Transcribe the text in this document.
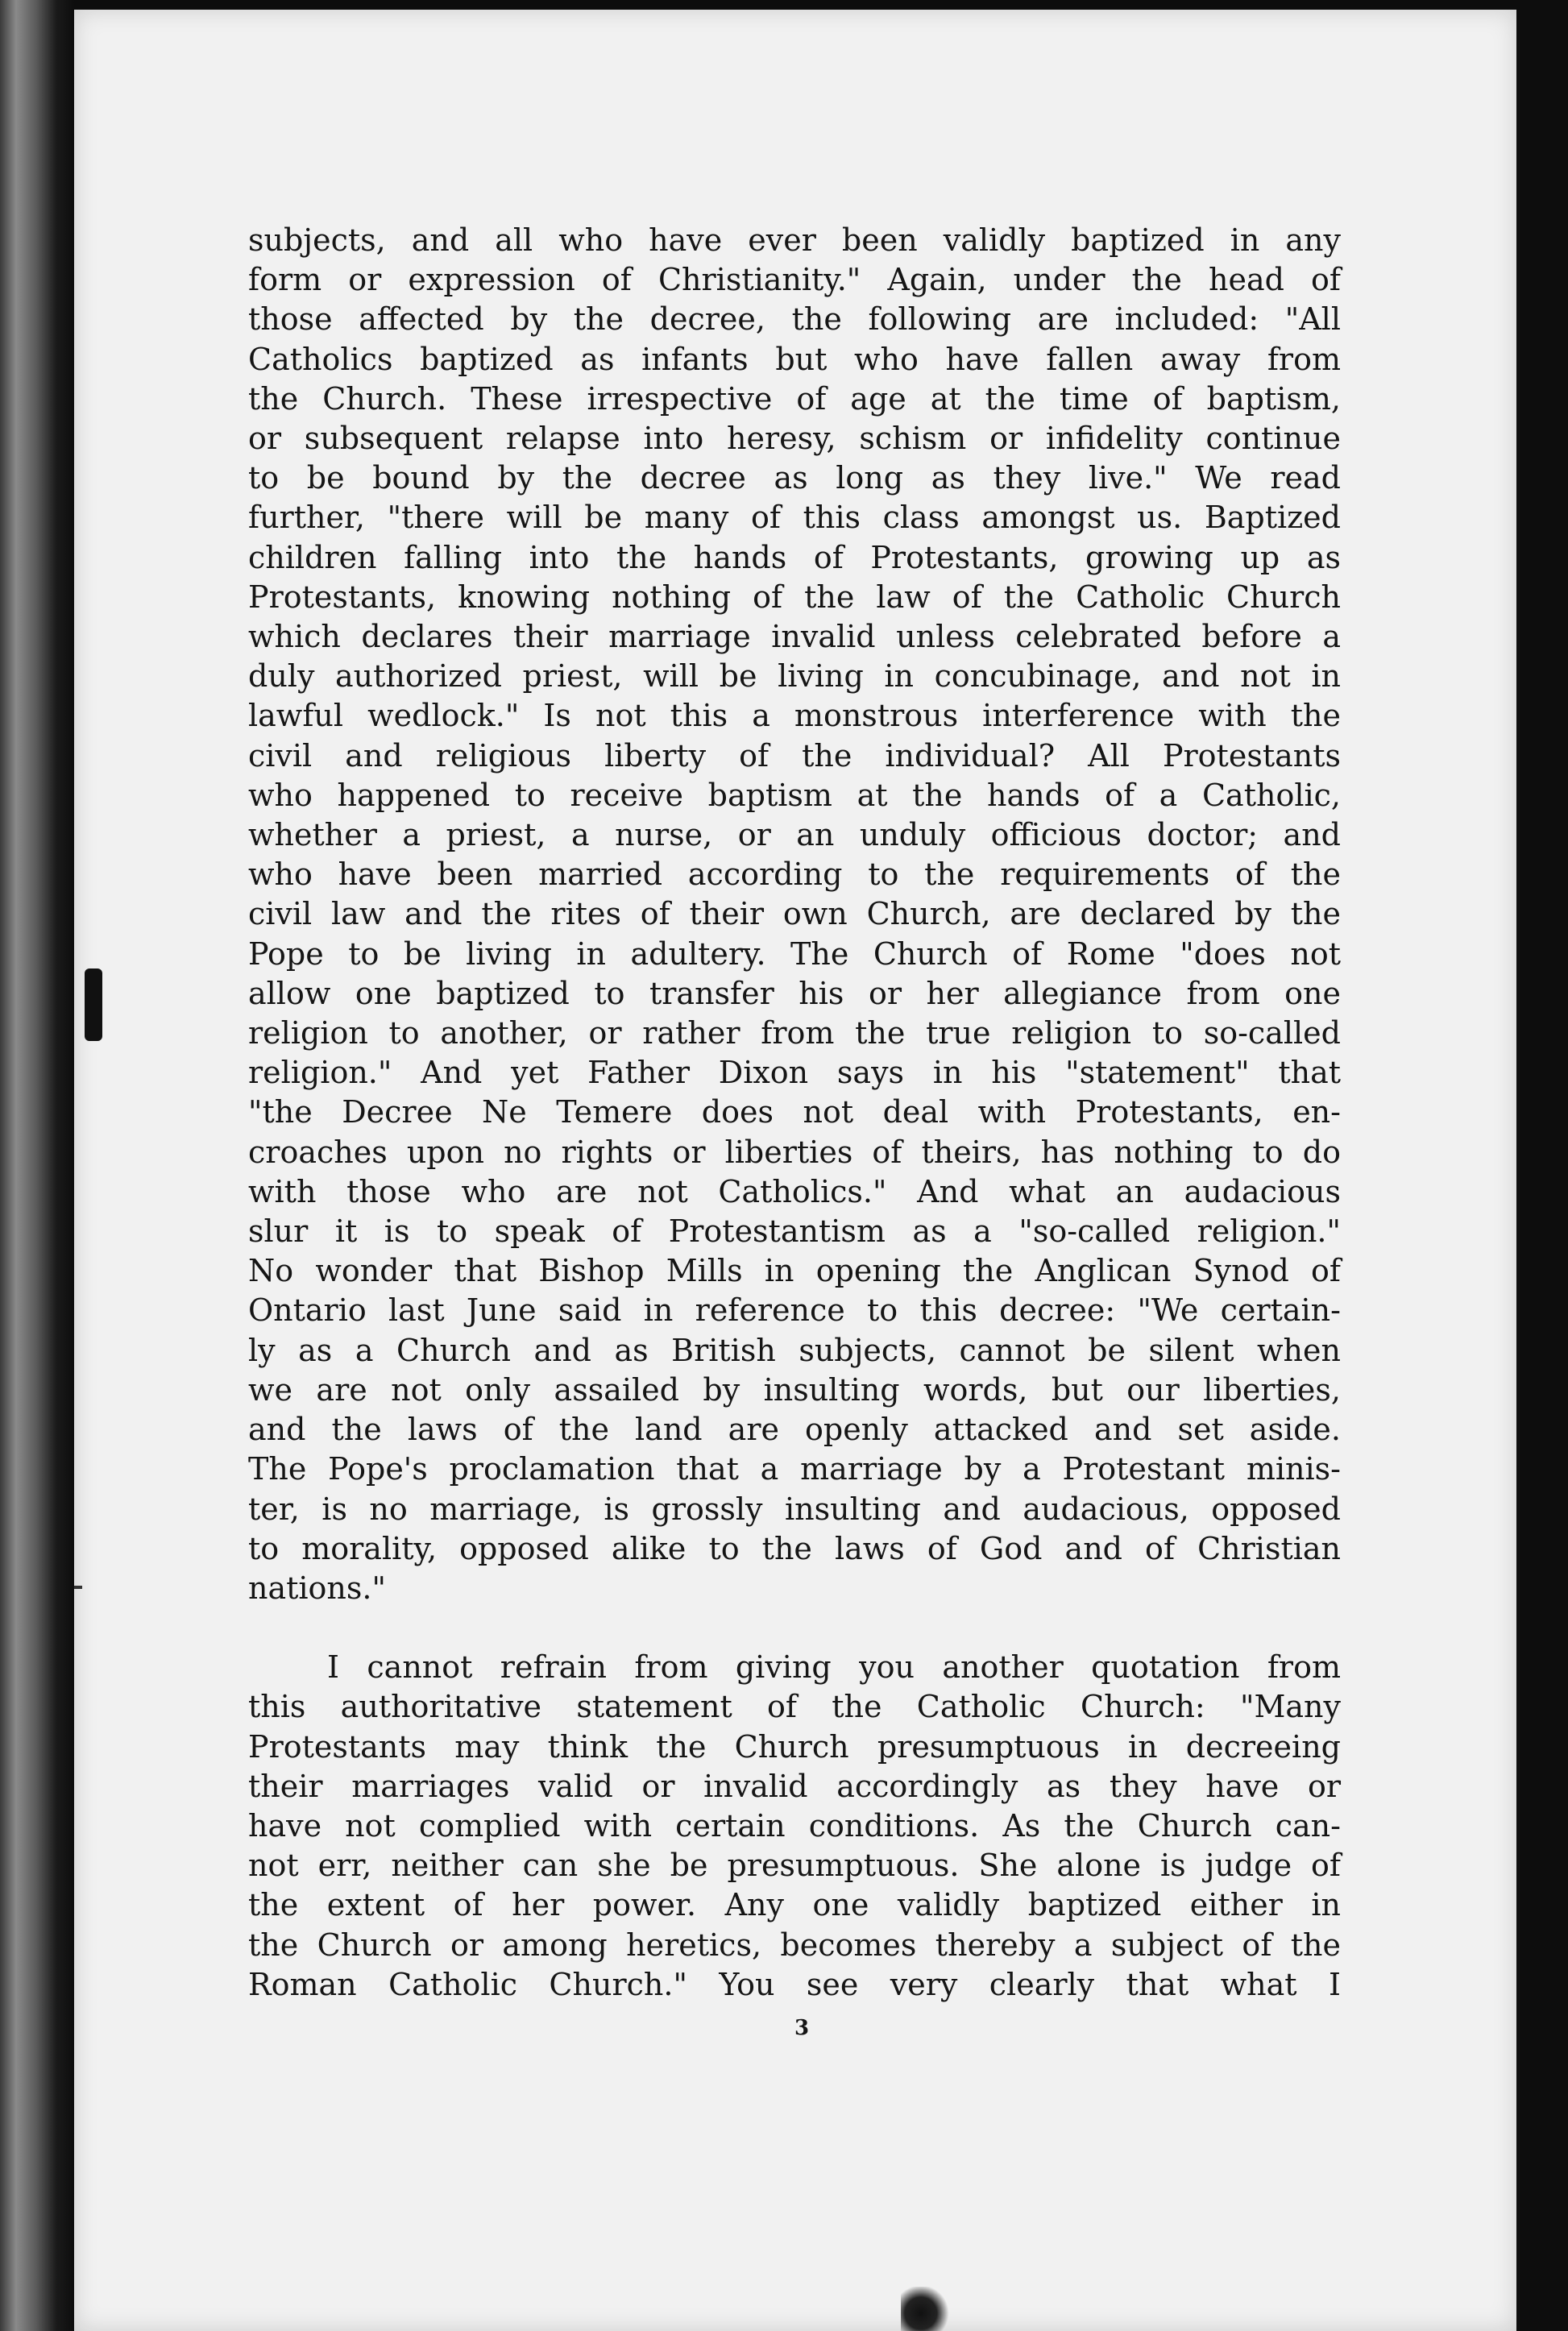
subjects, and all who have ever been validly baptized in any
form or expression of Christianity." Again, under the head of
those affected by the decree, the following are included: "All
Catholics baptized as infants but who have fallen away from
the Church. These irrespective of age at the time of baptism,
or subsequent relapse into heresy, schism or infidelity continue
to be bound by the decree as long as they live." We read
further, "there will be many of this class amongst us. Baptized
children falling into the hands of Protestants, growing up as
Protestants, knowing nothing of the law of the Catholic Church
which declares their marriage invalid unless celebrated before a
duly authorized priest, will be living in concubinage, and not in
lawful wedlock." Is not this a monstrous interference with the
civil and religious liberty of the individual? All Protestants
who happened to receive baptism at the hands of a Catholic,
whether a priest, a nurse, or an unduly officious doctor; and
who have been married according to the requirements of the
civil law and the rites of their own Church, are declared by the
Pope to be living in adultery. The Church of Rome "does not
allow one baptized to transfer his or her allegiance from one
religion to another, or rather from the true religion to so-called
religion." And yet Father Dixon says in his "statement" that
"the Decree Ne Temere does not deal with Protestants, en-
croaches upon no rights or liberties of theirs, has nothing to do
with those who are not Catholics." And what an audacious
slur it is to speak of Protestantism as a "so-called religion."
No wonder that Bishop Mills in opening the Anglican Synod of
Ontario last June said in reference to this decree: "We certain-
ly as a Church and as British subjects, cannot be silent when
we are not only assailed by insulting words, but our liberties,
and the laws of the land are openly attacked and set aside.
The Pope's proclamation that a marriage by a Protestant minis-
ter, is no marriage, is grossly insulting and audacious, opposed
to morality, opposed alike to the laws of God and of Christian
nations."
I cannot refrain from giving you another quotation from
this authoritative statement of the Catholic Church: "Many
Protestants may think the Church presumptuous in decreeing
their marriages valid or invalid accordingly as they have or
have not complied with certain conditions. As the Church can-
not err, neither can she be presumptuous. She alone is judge of
the extent of her power. Any one validly baptized either in
the Church or among heretics, becomes thereby a subject of the
Roman Catholic Church." You see very clearly that what I
3
